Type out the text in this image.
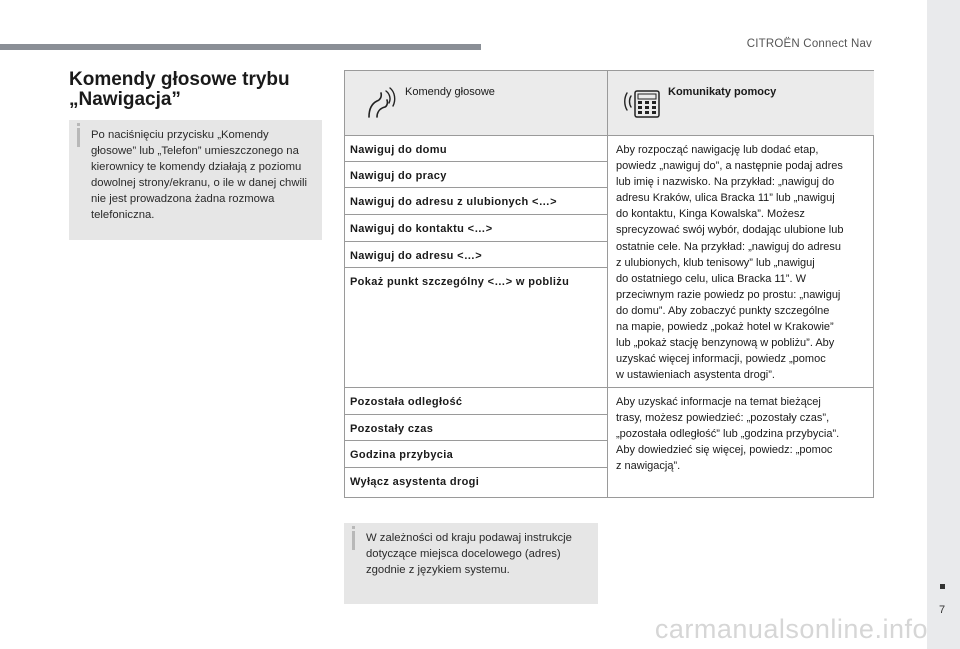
CITROËN Connect Nav
7
Komendy głosowe trybu „Nawigacja”

Po naciśnięciu przycisku „Komendy głosowe” lub „Telefon” umieszczonego na kierownicy te komendy działają z poziomu dowolnej strony/ekranu, o ile w danej chwili nie jest prowadzona żadna rozmowa telefoniczna.

Komendy głosowe	Komunikaty pomocy
Nawiguj do domu
Nawiguj do pracy
Nawiguj do adresu z ulubionych <…>
Nawiguj do kontaktu <…>
Nawiguj do adresu <…>
Pokaż punkt szczególny <…> w pobliżu

Aby rozpocząć nawigację lub dodać etap,
powiedz „nawiguj do”, a następnie podaj adres
lub imię i nazwisko. Na przykład: „nawiguj do
adresu Kraków, ulica Bracka 11” lub „nawiguj
do kontaktu, Kinga Kowalska”. Możesz
sprecyzować swój wybór, dodając ulubione lub
ostatnie cele. Na przykład: „nawiguj do adresu
z ulubionych, klub tenisowy” lub „nawiguj
do ostatniego celu, ulica Bracka 11”. W
przeciwnym razie powiedz po prostu: „nawiguj
do domu”. Aby zobaczyć punkty szczególne
na mapie, powiedz „pokaż hotel w Krakowie”
lub „pokaż stację benzynową w pobliżu”. Aby
uzyskać więcej informacji, powiedz „pomoc
w ustawieniach asystenta drogi”.

Pozostała odległość
Pozostały czas
Godzina przybycia
Wyłącz asystenta drogi

Aby uzyskać informacje na temat bieżącej
trasy, możesz powiedzieć: „pozostały czas”,
„pozostała odległość” lub „godzina przybycia”.
Aby dowiedzieć się więcej, powiedz: „pomoc
z nawigacją”.

W zależności od kraju podawaj instrukcje dotyczące miejsca docelowego (adres) zgodnie z językiem systemu.

carmanualsonline.info
